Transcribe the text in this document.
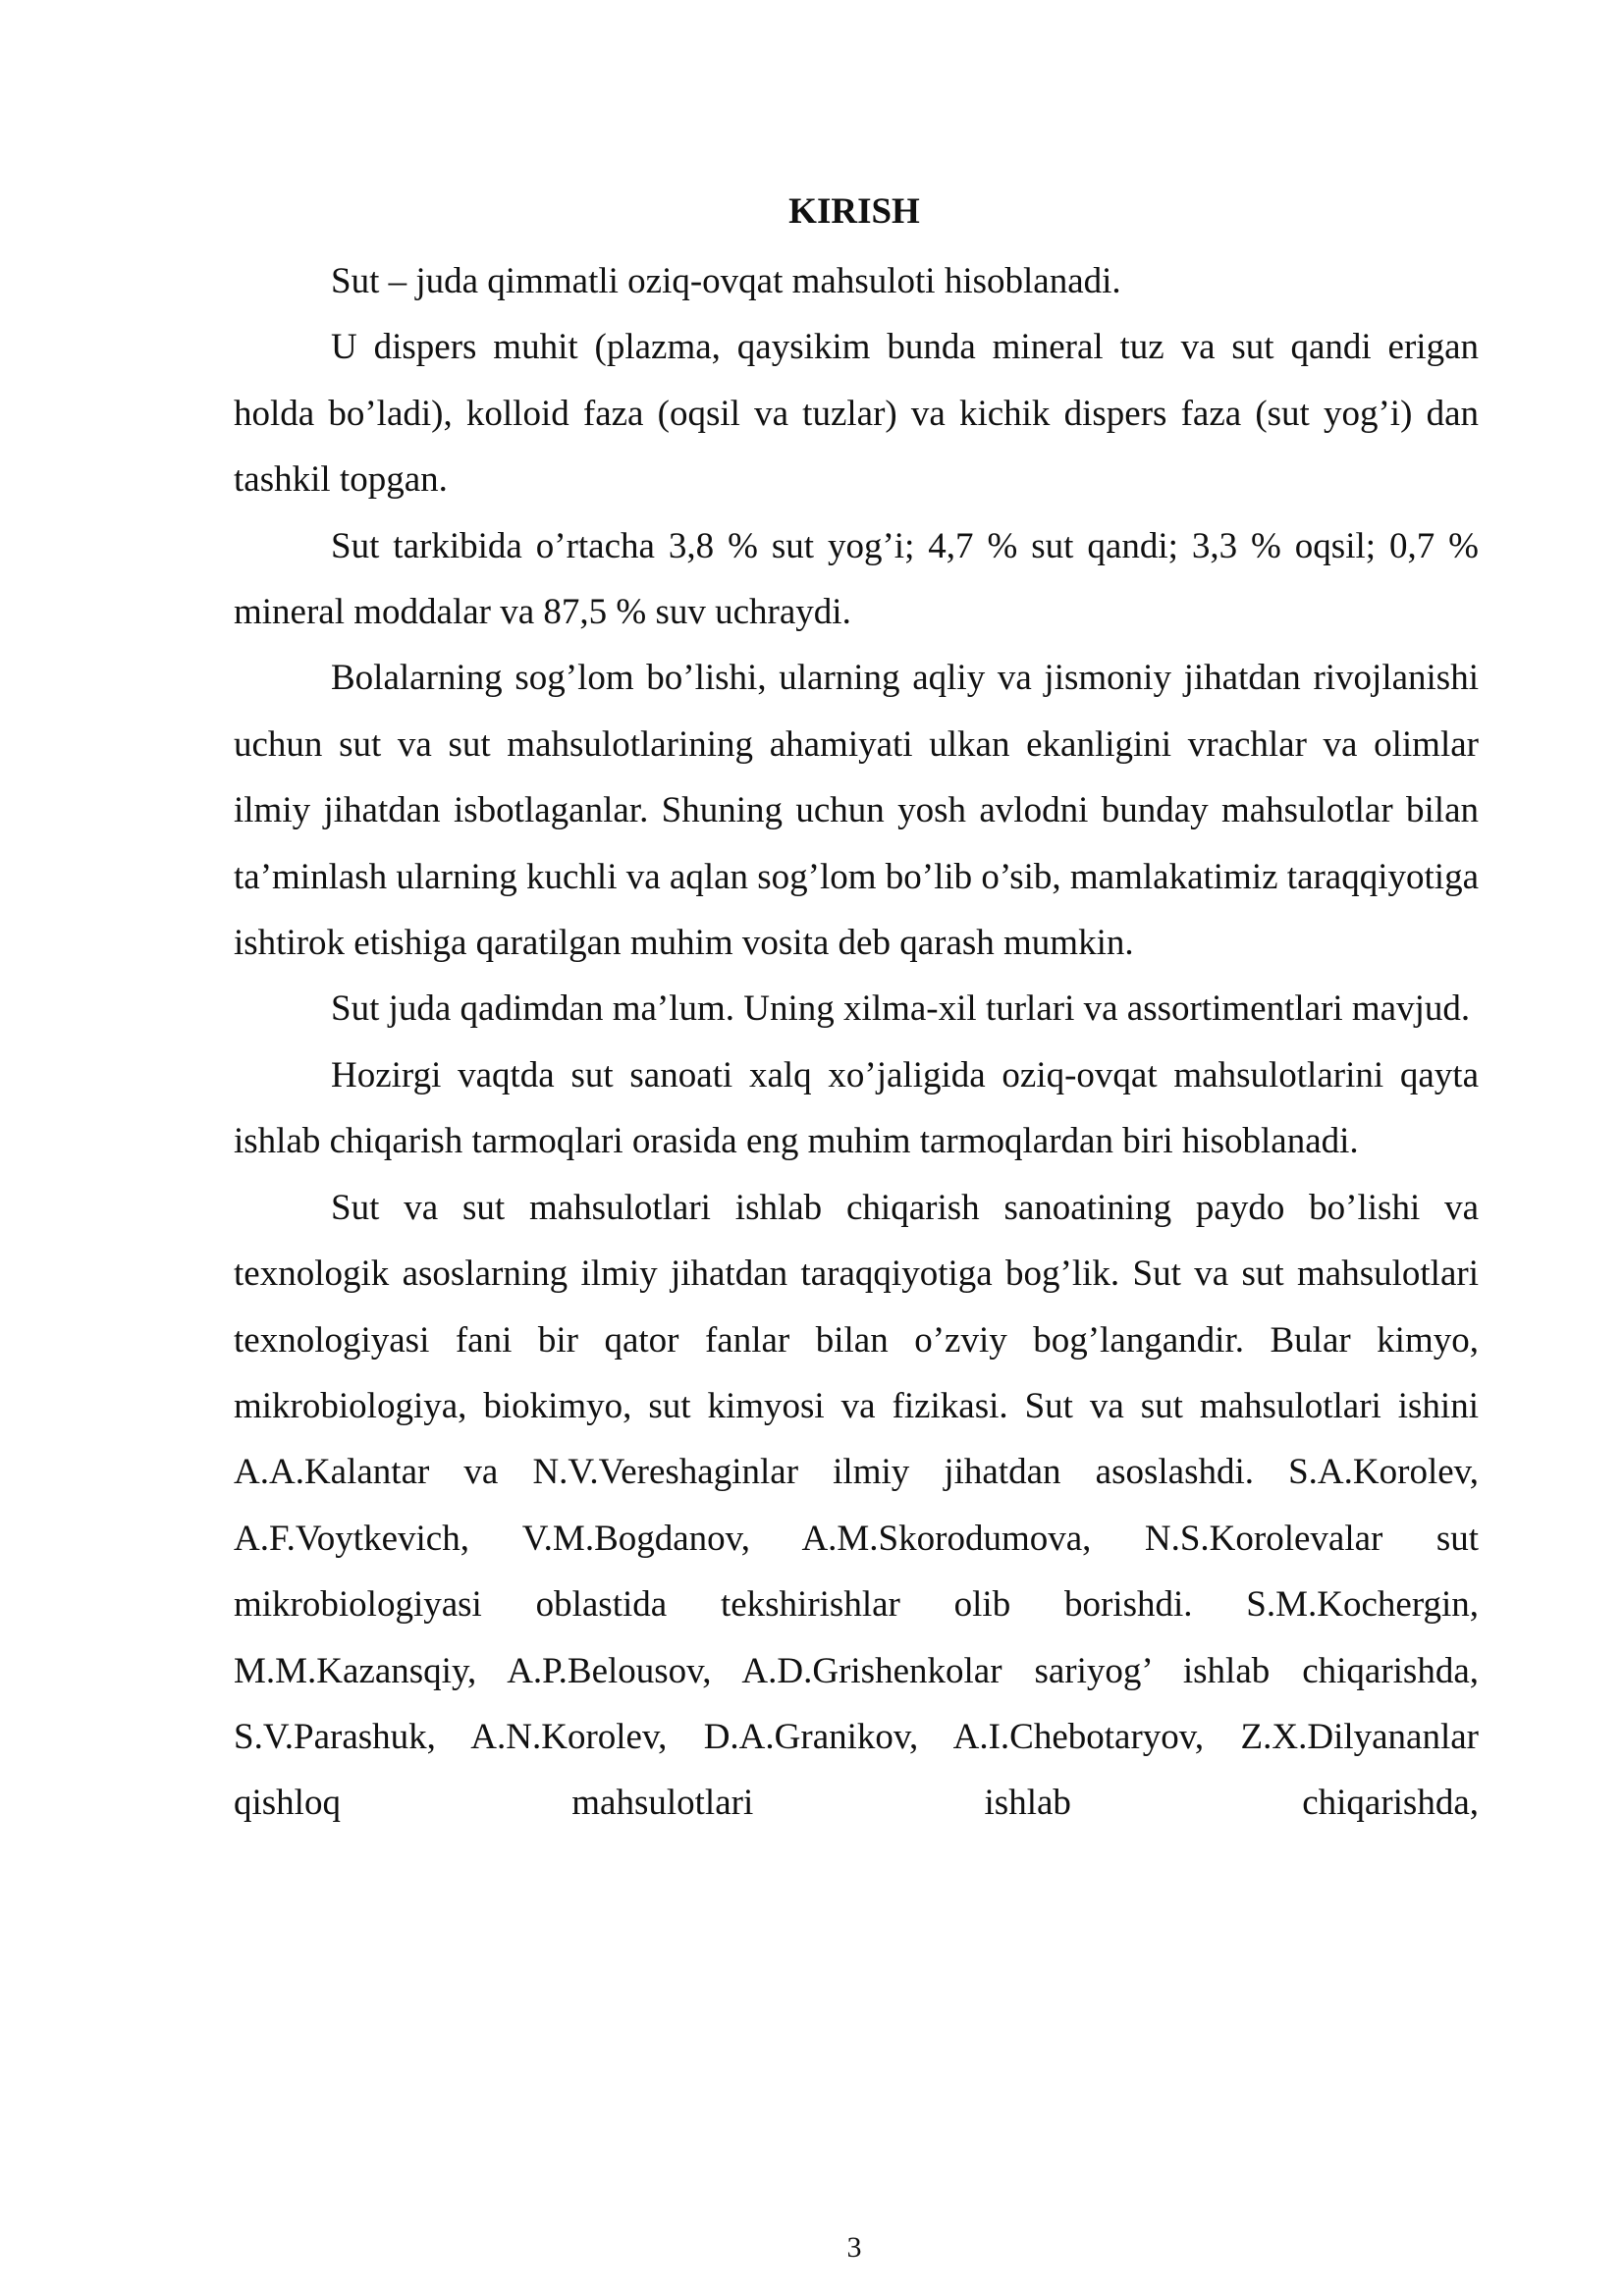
KIRISH

Sut – juda qimmatli oziq-ovqat mahsuloti hisoblanadi.

U dispers muhit (plazma, qaysikim bunda mineral tuz va sut qandi erigan holda bo’ladi), kolloid faza (oqsil va tuzlar) va kichik dispers faza (sut yog’i) dan tashkil topgan.

Sut tarkibida o’rtacha 3,8 % sut yog’i; 4,7 % sut qandi; 3,3 % oqsil; 0,7 % mineral moddalar va 87,5 % suv uchraydi.

Bolalarning sog’lom bo’lishi, ularning aqliy va jismoniy jihatdan rivojlanishi uchun sut va sut mahsulotlarining ahamiyati ulkan ekanligini vrachlar va olimlar ilmiy jihatdan isbotlaganlar. Shuning uchun yosh avlodni bunday mahsulotlar bilan ta’minlash ularning kuchli va aqlan sog’lom bo’lib o’sib, mamlakatimiz taraqqiyotiga ishtirok etishiga qaratilgan muhim vosita deb qarash mumkin.

Sut juda qadimdan ma’lum. Uning xilma-xil turlari va assortimentlari mavjud.

Hozirgi vaqtda sut sanoati xalq xo’jaligida oziq-ovqat mahsulotlarini qayta ishlab chiqarish tarmoqlari orasida eng muhim tarmoqlardan biri hisoblanadi.

Sut va sut mahsulotlari ishlab chiqarish sanoatining paydo bo’lishi va texnologik asoslarning ilmiy jihatdan taraqqiyotiga bog’lik. Sut va sut mahsulotlari texnologiyasi fani bir qator fanlar bilan o’zviy bog’langandir. Bular kimyo, mikrobiologiya, biokimyo, sut kimyosi va fizikasi. Sut va sut mahsulotlari ishini A.A.Kalantar va N.V.Vereshaginlar ilmiy jihatdan asoslashdi. S.A.Korolev, A.F.Voytkevich, V.M.Bogdanov, A.M.Skorodumova, N.S.Korolevalar sut mikrobiologiyasi oblastida tekshirishlar olib borishdi. S.M.Kochergin, M.M.Kazansqiy, A.P.Belousov, A.D.Grishenkolar sariyog’ ishlab chiqarishda, S.V.Parashuk, A.N.Korolev, D.A.Granikov, A.I.Chebotaryov, Z.X.Dilyananlar qishloq mahsulotlari ishlab chiqarishda,

3
